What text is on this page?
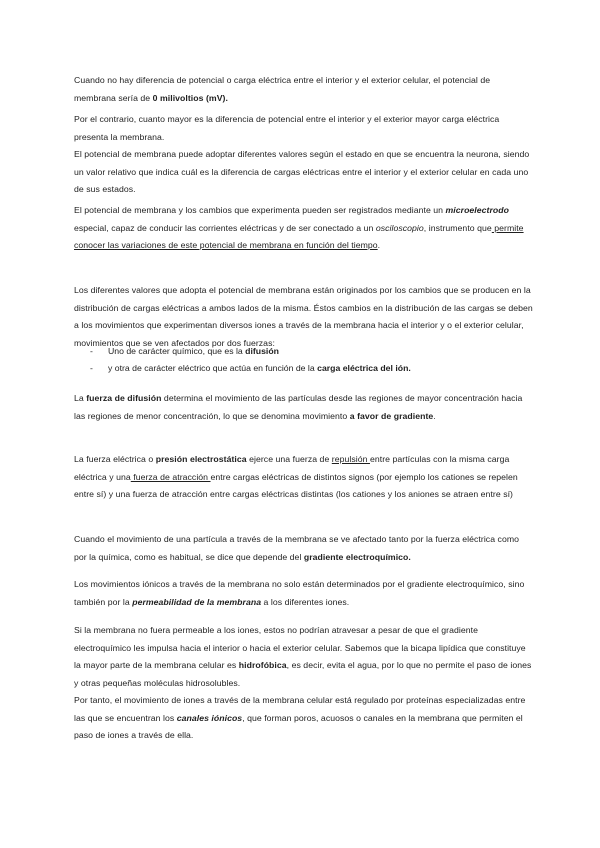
Cuando no hay diferencia de potencial o carga eléctrica entre el interior y el exterior celular, el potencial de membrana sería de 0 milivoltios (mV).

Por el contrario, cuanto mayor es la diferencia de potencial entre el interior y el exterior mayor carga eléctrica presenta la membrana.
El potencial de membrana puede adoptar diferentes valores según el estado en que se encuentra la neurona, siendo un valor relativo que indica cuál es la diferencia de cargas eléctricas entre el interior y el exterior celular en cada uno de sus estados.

El potencial de membrana y los cambios que experimenta pueden ser registrados mediante un microelectrodo especial, capaz de conducir las corrientes eléctricas y de ser conectado a un osciloscopio, instrumento que permite conocer las variaciones de este potencial de membrana en función del tiempo.

Los diferentes valores que adopta el potencial de membrana están originados por los cambios que se producen en la distribución de cargas eléctricas a ambos lados de la misma. Éstos cambios en la distribución de las cargas se deben a los movimientos que experimentan diversos iones a través de la membrana hacia el interior y o el exterior celular, movimientos que se ven afectados por dos fuerzas:

- Uno de carácter químico, que es la difusión
- y otra de carácter eléctrico que actúa en función de la carga eléctrica del ión.

La fuerza de difusión determina el movimiento de las partículas desde las regiones de mayor concentración hacia las regiones de menor concentración, lo que se denomina movimiento a favor de gradiente.

La fuerza eléctrica o presión electrostática ejerce una fuerza de repulsión entre partículas con la misma carga eléctrica y una fuerza de atracción entre cargas eléctricas de distintos signos (por ejemplo los cationes se repelen entre sí) y una fuerza de atracción entre cargas eléctricas distintas (los cationes y los aniones se atraen entre sí)

Cuando el movimiento de una partícula a través de la membrana se ve afectado tanto por la fuerza eléctrica como por la química, como es habitual, se dice que depende del gradiente electroquímico.

Los movimientos iónicos a través de la membrana no solo están determinados por el gradiente electroquímico, sino también por la permeabilidad de la membrana a los diferentes iones.

Si la membrana no fuera permeable a los iones, estos no podrían atravesar a pesar de que el gradiente electroquímico les impulsa hacia el interior o hacia el exterior celular. Sabemos que la bicapa lipídica que constituye la mayor parte de la membrana celular es hidrofóbica, es decir, evita el agua, por lo que no permite el paso de iones y otras pequeñas moléculas hidrosolubles.
Por tanto, el movimiento de iones a través de la membrana celular está regulado por proteínas especializadas entre las que se encuentran los canales iónicos, que forman poros, acuosos o canales en la membrana que permiten el paso de iones a través de ella.
